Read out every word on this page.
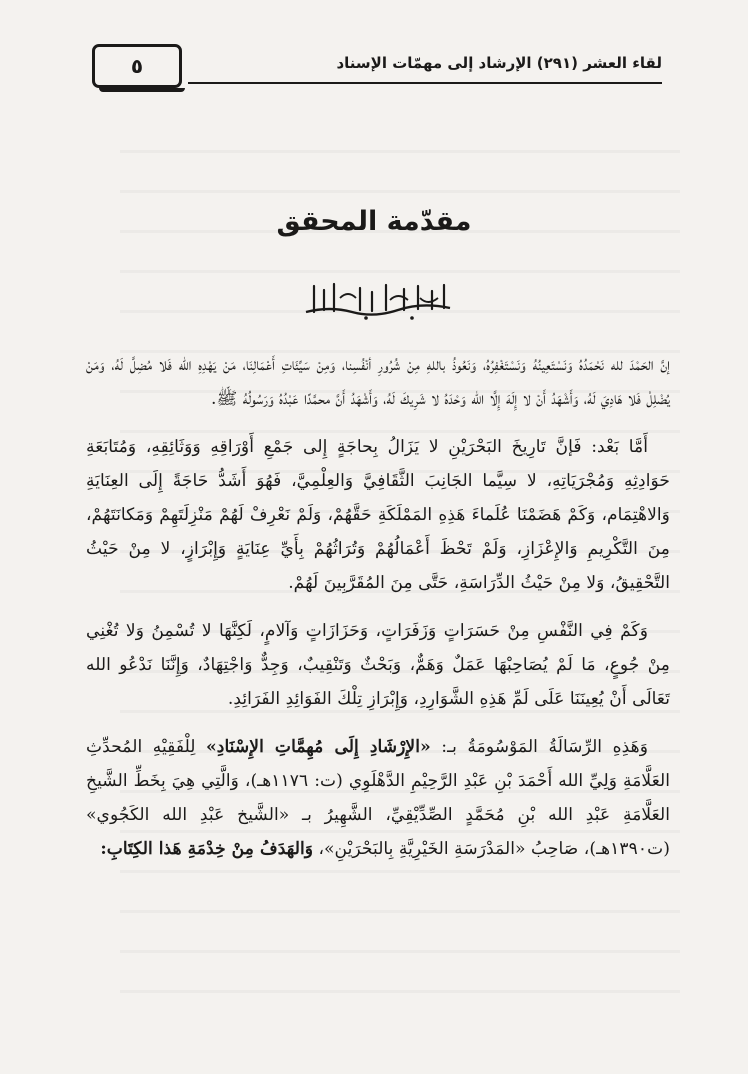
٥	لقاء العشر (٢٩١) الإرشاد إلى مهمّات الإسناد
مقدّمة المحقق

إنَّ الحَمْدَ لله نَحْمَدُهُ وَنَسْتَعِينُهُ وَنَسْتَغْفِرُهُ، وَنَعُوذُ باللهِ مِنْ شُرُورِ أنْفُسِنا، وَمِنْ سَيِّئَاتِ أَعْمَالِنَا، مَنْ يَهْدِهِ الله فَلا مُضِلَّ لَهُ، وَمَنْ يُضْلِلْ فَلا هَادِيَ لَهُ، وَأَشْهَدُ أَنْ لا إِلَهَ إِلَّا الله وَحْدَهُ لا شَرِيكَ لَهُ، وَأَشْهَدُ أَنَّ محمَّدًا عَبْدُهُ وَرَسُولُهُ ﷺ.

أَمَّا بَعْد: فَإنَّ تَارِيخَ البَحْرَيْنِ لا يَزَالُ بِحاجَةٍ إِلى جَمْعِ أَوْرَاقِهِ وَوَثَائِقِهِ، وَمُتَابَعَةِ حَوَادِثِهِ وَمُجْرَيَاتِهِ، لا سِيَّما الجَانِبَ الثَّقَافِيَّ وَالعِلْمِيَّ، فَهُوَ أَشَدُّ حَاجَةً إِلَى العِنَايَةِ وَالاهْتِمَام، وَكَمْ هَضَمْنَا عُلَماءَ هَذِهِ المَمْلَكَةِ حَقَّهُمْ، وَلَمْ نَعْرِفْ لَهُمْ مَنْزِلَتَهِمْ وَمَكانَتَهُمْ، مِنَ التَّكْرِيمِ وَالإِعْزَازِ، وَلَمْ تَحْظَ أَعْمَالُهُمْ وَتُرَاثُهُمْ بِأَيِّ عِنَايَةٍ وَإِبْرَازٍ، لا مِنْ حَيْثُ التَّحْقِيقُ، وَلا مِنْ حَيْثُ الدِّرَاسَةِ، حَتَّى مِنَ المُقَرَّبِينَ لَهُمْ.

وَكَمْ فِي النَّفْسِ مِنْ حَسَرَاتٍ وَزَفَرَاتٍ، وَحَزَازَاتٍ وَآلامٍ، لَكِنَّهَا لا تُسْمِنُ وَلا تُغْنِي مِنْ جُوعٍ، مَا لَمْ يُصَاحِبْهَا عَمَلٌ وَهَمٌّ، وَبَحْثٌ وَتَنْقِيبٌ، وَجِدٌّ وَاجْتِهَادٌ، وَإِنَّنَا نَدْعُو الله تَعَالَى أَنْ يُعِينَنَا عَلَى لَمِّ هَذِهِ الشَّوَارِدِ، وَإِبْرَازِ تِلْكَ الفَوَائِدِ الفَرَائِدِ.

وَهَذِهِ الرِّسَالَةُ المَوْسُومَةُ بـ: «الإِرْشَادِ إِلَى مُهِمَّاتِ الإِسْنَادِ» لِلْفَقِيْهِ المُحدِّثِ العَلَّامَةِ وَلِيِّ الله أَحْمَدَ بْنِ عَبْدِ الرَّحِيْمِ الدَّهْلَوِي (ت: ١١٧٦هـ)، وَالَّتِي هِيَ بِخَطِّ الشَّيخِ العَلَّامَةِ عَبْدِ الله بْنِ مُحَمَّدٍ الصِّدِّيْقِيِّ، الشَّهِيرُ بـ «الشَّيخ عَبْدِ الله الكَجُوي» (ت١٣٩٠هـ)، صَاحِبُ «المَدْرَسَةِ الخَيْرِيَّةِ بِالبَحْرَيْنِ»، وَالهَدَفُ مِنْ خِدْمَةِ هَذا الكِتَابِ:
